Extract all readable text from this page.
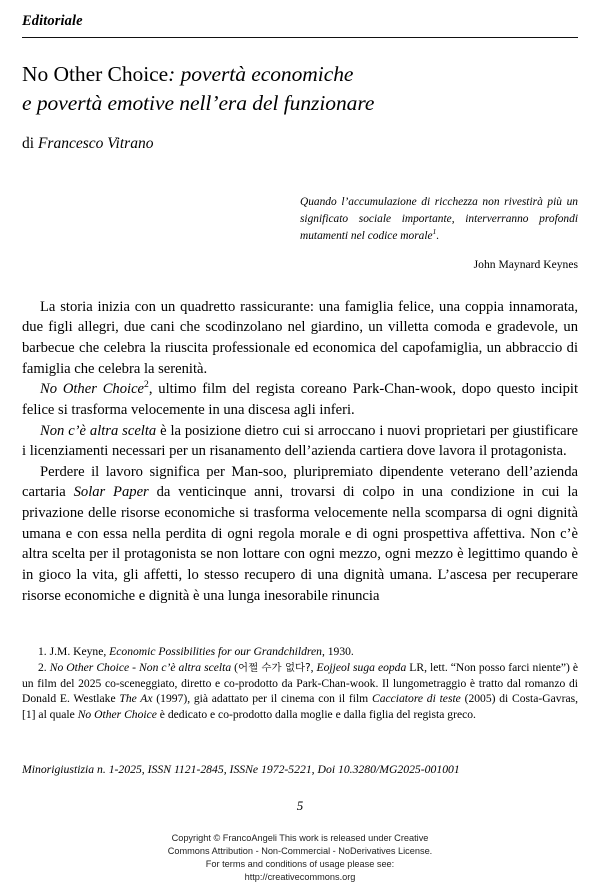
Editoriale
No Other Choice: povertà economiche
e povertà emotive nell’era del funzionare
di Francesco Vitrano

Quando l’accumulazione di ricchezza non rivestirà più un significato sociale importante, interverranno profondi mutamenti nel codice morale$^1$.

John Maynard Keynes

La storia inizia con un quadretto rassicurante: una famiglia felice, una coppia innamorata, due figli allegri, due cani che scodinzolano nel giardino, un villetta comoda e gradevole, un barbecue che celebra la riuscita professionale ed economica del capofamiglia, un abbraccio di famiglia che celebra la serenità.

No Other Choice$^2$, ultimo film del regista coreano Park-Chan-wook, dopo questo incipit felice si trasforma velocemente in una discesa agli inferi.

Non c’è altra scelta è la posizione dietro cui si arroccano i nuovi proprietari per giustificare i licenziamenti necessari per un risanamento dell’azienda cartiera dove lavora il protagonista.

Perdere il lavoro significa per Man-soo, pluripremiato dipendente veterano dell’azienda cartaria Solar Paper da venticinque anni, trovarsi di colpo in una condizione in cui la privazione delle risorse economiche si trasforma velocemente nella scomparsa di ogni dignità umana e con essa nella perdita di ogni regola morale e di ogni prospettiva affettiva. Non c’è altra scelta per il protagonista se non lottare con ogni mezzo, ogni mezzo è legittimo quando è in gioco la vita, gli affetti, lo stesso recupero di una dignità umana. L’ascesa per recuperare risorse economiche e dignità è una lunga inesorabile rinuncia

1. J.M. Keyne, Economic Possibilities for our Grandchildren, 1930.

2. No Other Choice - Non c’è altra scelta (어쩔 수가 없다?, Eojjeol suga eopda LR, lett. “Non posso farci niente”) è un film del 2025 co-sceneggiato, diretto e co-prodotto da Park-Chan-wook. Il lungometraggio è tratto dal romanzo di Donald E. Westlake The Ax (1997), già adattato per il cinema con il film Cacciatore di teste (2005) di Costa-Gavras, [1] al quale No Other Choice è dedicato e co-prodotto dalla moglie e dalla figlia del regista greco.

Minorigiustizia n. 1-2025, ISSN 1121-2845, ISSNe 1972-5221, Doi 10.3280/MG2025-001001
5
Copyright © FrancoAngeli This work is released under Creative
Commons Attribution - Non-Commercial - NoDerivatives License.
For terms and conditions of usage please see:
http://creativecommons.org
